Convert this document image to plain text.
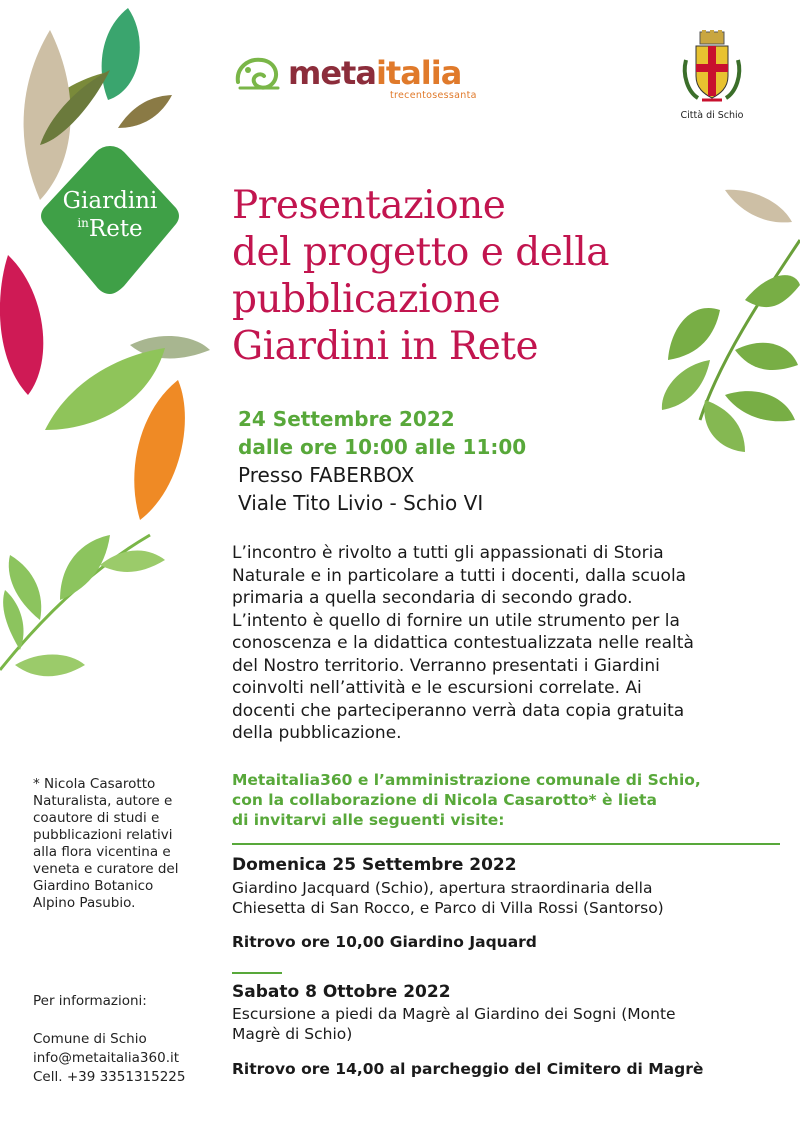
metaitalia
trecentosessanta
Città di Schio
Giardini
$^{in}$Rete
Presentazione
del progetto e della
pubblicazione
Giardini in Rete
24 Settembre 2022
dalle ore 10:00 alle 11:00
Presso FABERBOX
Viale Tito Livio - Schio VI
L’incontro è rivolto a tutti gli appassionati di Storia
Naturale e in particolare a tutti i docenti, dalla scuola
primaria a quella secondaria di secondo grado.
L’intento è quello di fornire un utile strumento per la
conoscenza e la didattica contestualizzata nelle realtà
del Nostro territorio. Verranno presentati i Giardini
coinvolti nell’attività e le escursioni correlate. Ai
docenti che parteciperanno verrà data copia gratuita
della pubblicazione.
Metaitalia360 e l’amministrazione comunale di Schio,
con la collaborazione di Nicola Casarotto* è lieta
di invitarvi alle seguenti visite:
Domenica 25 Settembre 2022
Giardino Jacquard (Schio), apertura straordinaria della
Chiesetta di San Rocco, e Parco di Villa Rossi (Santorso)
Ritrovo ore 10,00 Giardino Jaquard
Sabato 8 Ottobre 2022
Escursione a piedi da Magrè al Giardino dei Sogni (Monte
Magrè di Schio)
Ritrovo ore 14,00 al parcheggio del Cimitero di Magrè
* Nicola Casarotto
Naturalista, autore e
coautore di studi e
pubblicazioni relativi
alla flora vicentina e
veneta e curatore del
Giardino Botanico
Alpino Pasubio.
Per informazioni:
Comune di Schio
info@metaitalia360.it
Cell. +39 3351315225
